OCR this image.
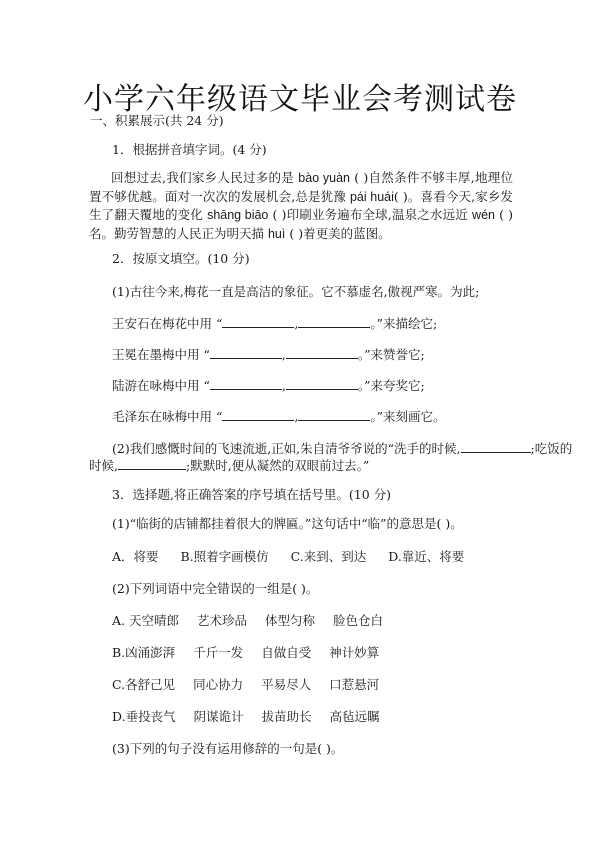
小学六年级语文毕业会考测试卷
一、积累展示(共 24 分)
1．根据拼音填字词。(4 分)
回想过去,我们家乡人民过多的是 bào yuàn ( )自然条件不够丰厚,地理位置不够优越。面对一次次的发展机会,总是犹豫 pái huái( )。喜看今天,家乡发生了翻天覆地的变化 shāng biāo ( )印刷业务遍布全球,温泉之水远近 wén ( )名。勤劳智慧的人民正为明天描 huì ( )着更美的蓝图。
2．按原文填空。(10 分)
(1)古往今来,梅花一直是高洁的象征。它不慕虚名,傲视严寒。为此;
王安石在梅花中用 “	,	。”来描绘它;
王冕在墨梅中用 “	,	。”来赞誉它;
陆游在咏梅中用 “	,	。”来夸奖它;
毛泽东在咏梅中用 “	,	。”来刻画它。
(2)我们感慨时间的飞速流逝,正如,朱自清爷爷说的“洗手的时候,	;吃饭的
时候,	;默默时,便从凝然的双眼前过去。”
3．选择题,将正确答案的序号填在括号里。(10 分)
(1)“临街的店铺都挂着很大的牌匾。”这句话中“临”的意思是( )。
A．将要 B.照着字画模仿 C.来到、到达 D.靠近、将要
(2)下列词语中完全错误的一组是( )。
A. 天空晴郎 艺术珍品 体型匀称 脸色仓白
B.凶涌澎湃 千斤一发 自做自受 神计妙算
C.各舒己见 同心协力 平易尽人 口惹悬河
D.垂投丧气 阴谋诡计 拔苗助长 高毡远瞩
(3)下列的句子没有运用修辞的一句是( )。
